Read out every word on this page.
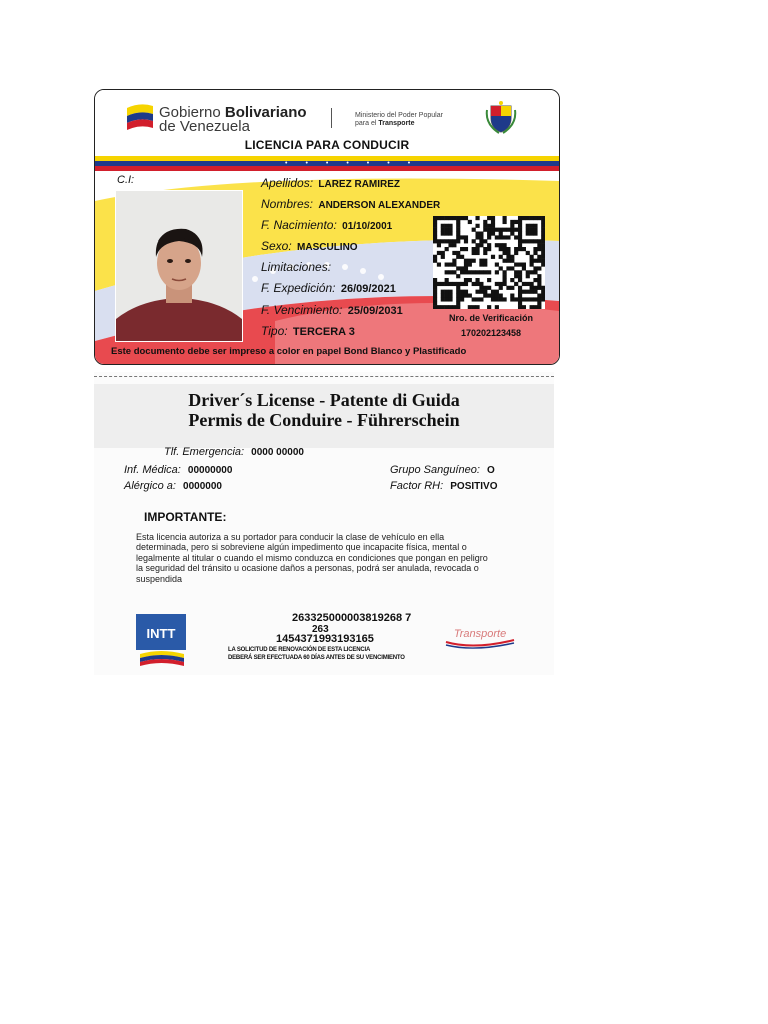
Gobierno Bolivariano
de Venezuela
Ministerio del Poder Popular
para el Transporte
LICENCIA PARA CONDUCIR
•••••••
C.I:	Apellidos: LAREZ RAMIREZ
Nombres: ANDERSON ALEXANDER
F. Nacimiento: 01/10/2001
Sexo: MASCULINO
Limitaciones:
F. Expedición: 26/09/2021
F. Vencimiento: 25/09/2031
Tipo: TERCERA 3
Nro. de Verificación
170202123458
Este documento debe ser impreso a color en papel Bond Blanco y Plastificado
Driver´s License - Patente di Guida
Permis de Conduire - Führerschein
Tlf. Emergencia: 0000 00000
Inf. Médica: 00000000
Alérgico a: 0000000
Grupo Sanguíneo: O
Factor RH: POSITIVO
IMPORTANTE:
Esta licencia autoriza a su portador para conducir la clase de vehículo en ella determinada, pero si sobreviene algún impedimento que incapacite física, mental o legalmente al titular o cuando el mismo conduzca en condiciones que pongan en peligro la seguridad del tránsito u ocasione daños a personas, podrá ser anulada, revocada o suspendida
INTT
263325000003819268 7
263
1454371993193165
LA SOLICITUD DE RENOVACIÓN DE ESTA LICENCIA
DEBERÁ SER EFECTUADA 60 DÍAS ANTES DE SU VENCIMIENTO
Transporte
